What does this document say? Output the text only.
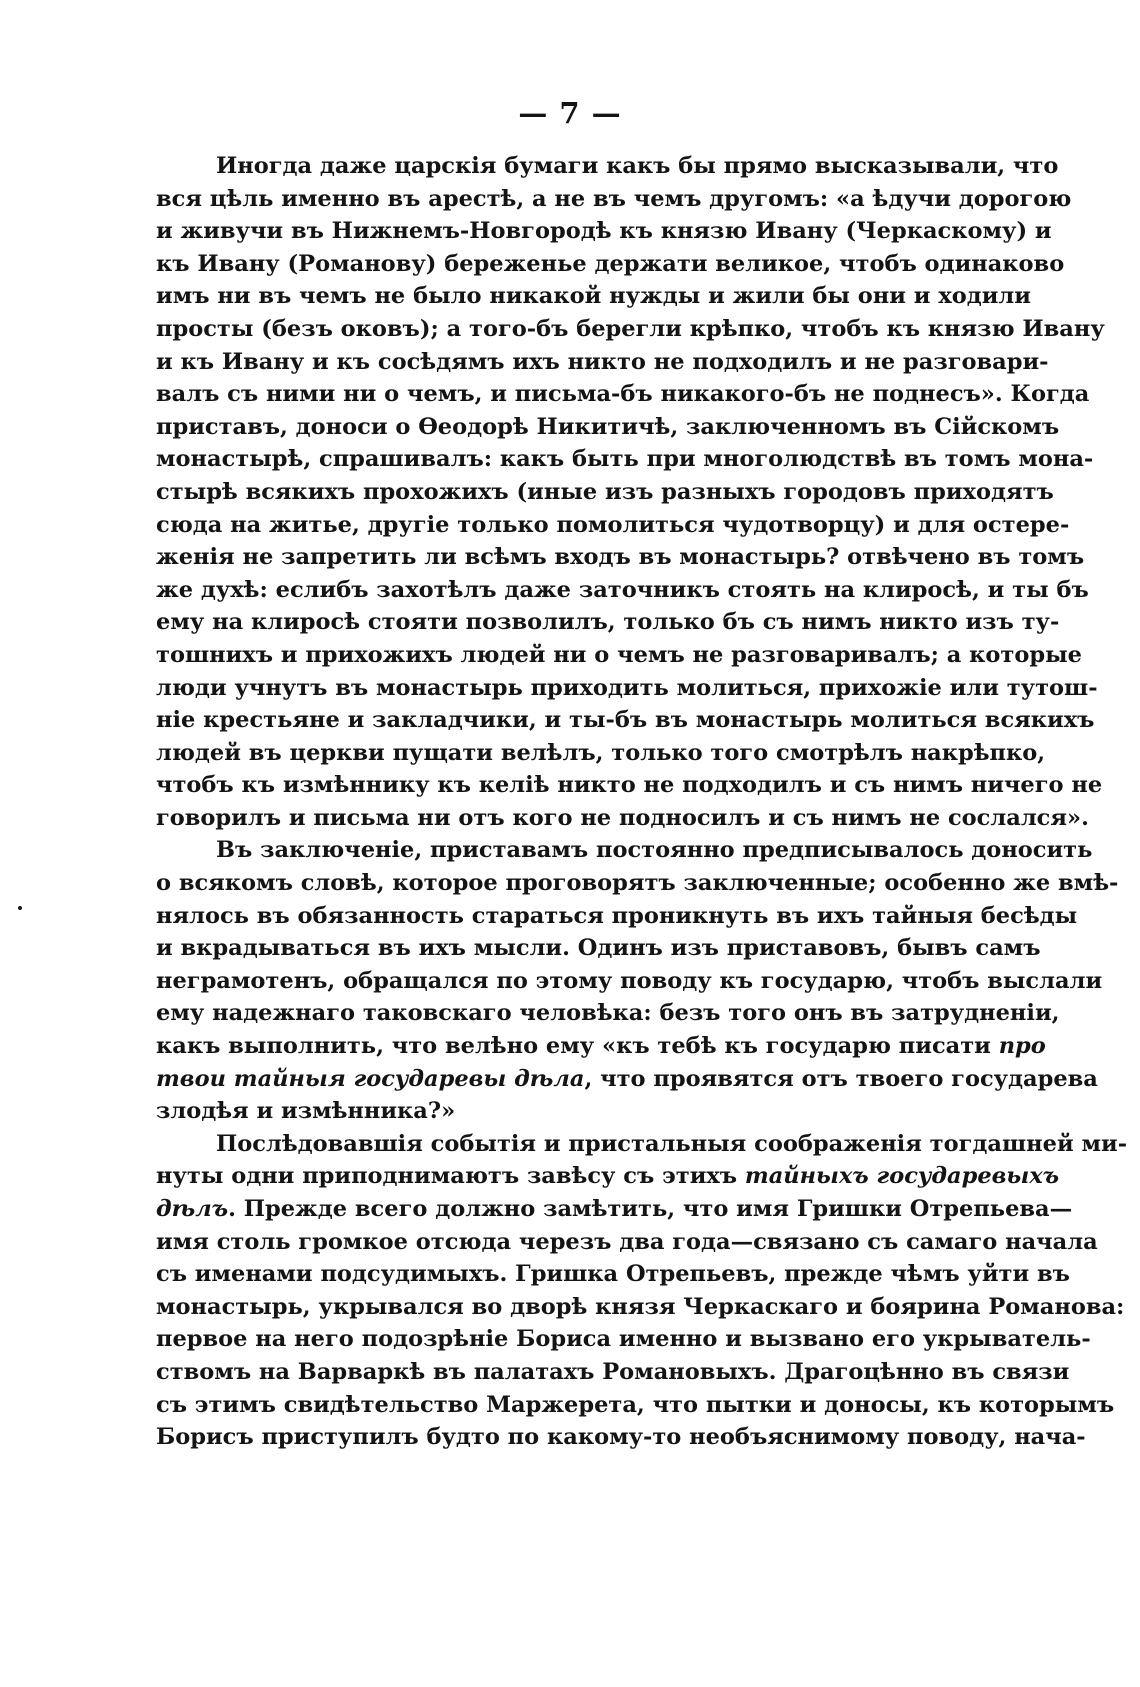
— 7 —
Иногда даже царскія бумаги какъ бы прямо высказывали, что
вся цѣль именно въ арестѣ, а не въ чемъ другомъ: «а ѣдучи дорогою
и живучи въ Нижнемъ-Новгородѣ къ князю Ивану (Черкаскому) и
къ Ивану (Романову) береженье держати великое, чтобъ одинаково
имъ ни въ чемъ не было никакой нужды и жили бы они и ходили
просты (безъ оковъ); а того-бъ берегли крѣпко, чтобъ къ князю Ивану
и къ Ивану и къ сосѣдямъ ихъ никто не подходилъ и не разговари-
валъ съ ними ни о чемъ, и письма-бъ никакого-бъ не поднесъ». Когда
приставъ, доноси о Ѳеодорѣ Никитичѣ, заключенномъ въ Сійскомъ
монастырѣ, спрашивалъ: какъ быть при многолюдствѣ въ томъ мона-
стырѣ всякихъ прохожихъ (иные изъ разныхъ городовъ приходятъ
сюда на житье, другіе только помолиться чудотворцу) и для остере-
женія не запретить ли всѣмъ входъ въ монастырь? отвѣчено въ томъ
же духѣ: еслибъ захотѣлъ даже заточникъ стоять на клиросѣ, и ты бъ
ему на клиросѣ стояти позволилъ, только бъ съ нимъ никто изъ ту-
тошнихъ и прихожихъ людей ни о чемъ не разговаривалъ; а которые
люди учнутъ въ монастырь приходить молиться, прихожіе или тутош-
ніе крестьяне и закладчики, и ты-бъ въ монастырь молиться всякихъ
людей въ церкви пущати велѣлъ, только того смотрѣлъ накрѣпко,
чтобъ къ измѣннику къ келіѣ никто не подходилъ и съ нимъ ничего не
говорилъ и письма ни отъ кого не подносилъ и съ нимъ не сослался».
Въ заключеніе, приставамъ постоянно предписывалось доносить
о всякомъ словѣ, которое проговорятъ заключенные; особенно же вмѣ-
нялось въ обязанность стараться проникнуть въ ихъ тайныя бесѣды
и вкрадываться въ ихъ мысли. Одинъ изъ приставовъ, бывъ самъ
неграмотенъ, обращался по этому поводу къ государю, чтобъ выслали
ему надежнаго таковскаго человѣка: безъ того онъ въ затрудненіи,
какъ выполнить, что велѣно ему «къ тебѣ къ государю писати про
твои тайныя государевы дѣла, что проявятся отъ твоего государева
злодѣя и измѣнника?»
Послѣдовавшія событія и пристальныя соображенія тогдашней ми-
нуты одни приподнимаютъ завѣсу съ этихъ тайныхъ государевыхъ
дѣлъ. Прежде всего должно замѣтить, что имя Гришки Отрепьева—
имя столь громкое отсюда черезъ два года—связано съ самаго начала
съ именами подсудимыхъ. Гришка Отрепьевъ, прежде чѣмъ уйти въ
монастырь, укрывался во дворѣ князя Черкаскаго и боярина Романова:
первое на него подозрѣніе Бориса именно и вызвано его укрыватель-
ствомъ на Варваркѣ въ палатахъ Романовыхъ. Драгоцѣнно въ связи
съ этимъ свидѣтельство Маржерета, что пытки и доносы, къ которымъ
Борисъ приступилъ будто по какому-то необъяснимому поводу, нача-
